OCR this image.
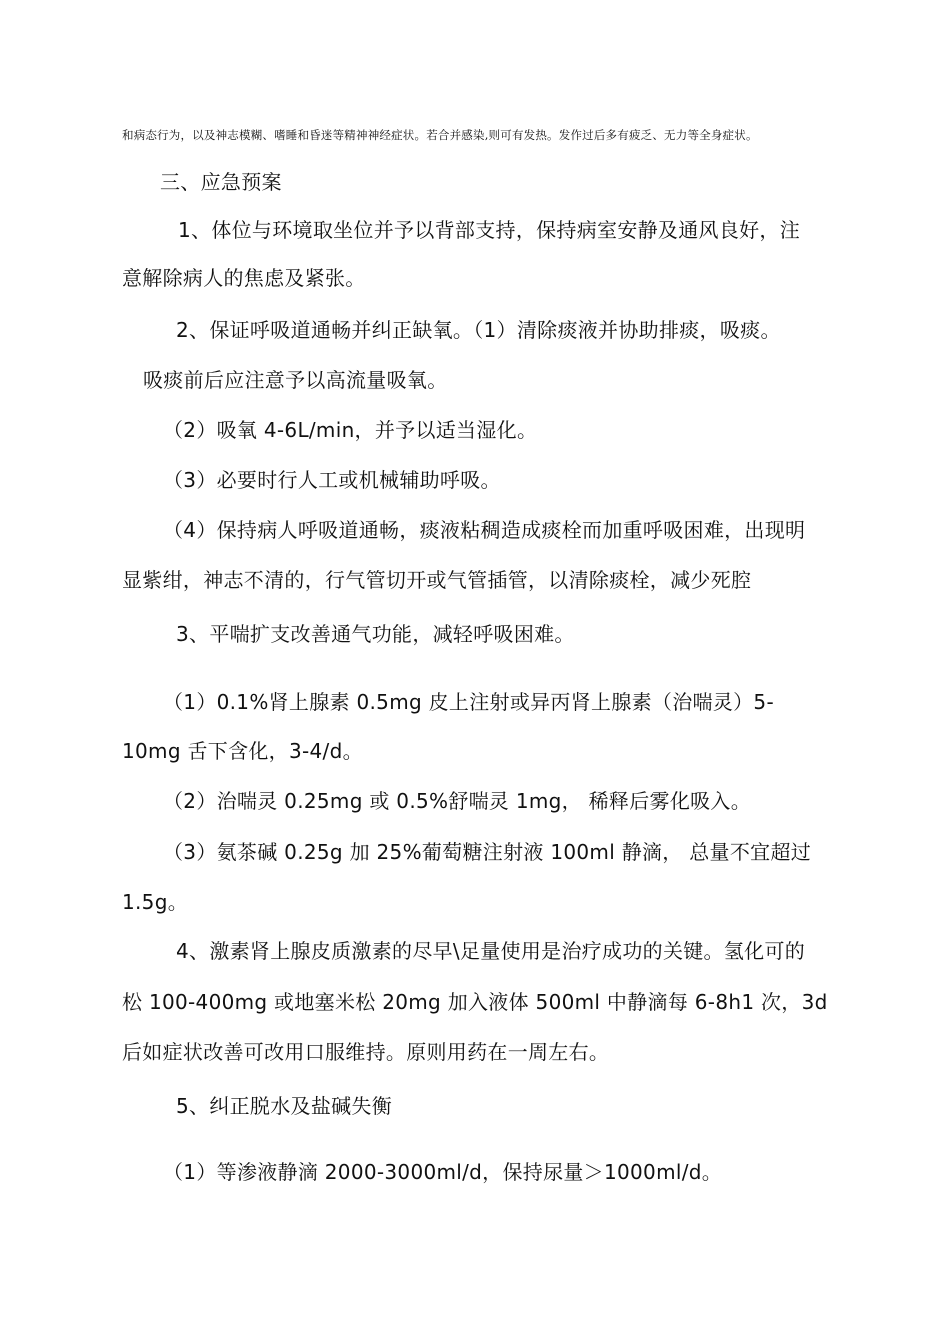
和病态行为，以及神志模糊、嗜睡和昏迷等精神神经症状。若合并感染,则可有发热。发作过后多有疲乏、无力等全身症状。
三、应急预案
1、体位与环境取坐位并予以背部支持，保持病室安静及通风良好，注
意解除病人的焦虑及紧张。
2、保证呼吸道通畅并纠正缺氧。（1）清除痰液并协助排痰，吸痰。
吸痰前后应注意予以高流量吸氧。
（2）吸氧 4-6L/min，并予以适当湿化。
（3）必要时行人工或机械辅助呼吸。
（4）保持病人呼吸道通畅，痰液粘稠造成痰栓而加重呼吸困难，出现明
显紫绀，神志不清的，行气管切开或气管插管，以清除痰栓，减少死腔
3、平喘扩支改善通气功能，减轻呼吸困难。
（1）0.1%肾上腺素 0.5mg 皮上注射或异丙肾上腺素（治喘灵）5-
10mg 舌下含化，3-4/d。
（2）治喘灵 0.25mg 或 0.5%舒喘灵 1mg， 稀释后雾化吸入。
（3）氨茶碱 0.25g 加 25%葡萄糖注射液 100ml 静滴， 总量不宜超过
1.5g。
4、激素肾上腺皮质激素的尽早\足量使用是治疗成功的关键。氢化可的
松 100-400mg 或地塞米松 20mg 加入液体 500ml 中静滴每 6-8h1 次，3d
后如症状改善可改用口服维持。原则用药在一周左右。
5、纠正脱水及盐碱失衡
（1）等渗液静滴 2000-3000ml/d，保持尿量＞1000ml/d。
